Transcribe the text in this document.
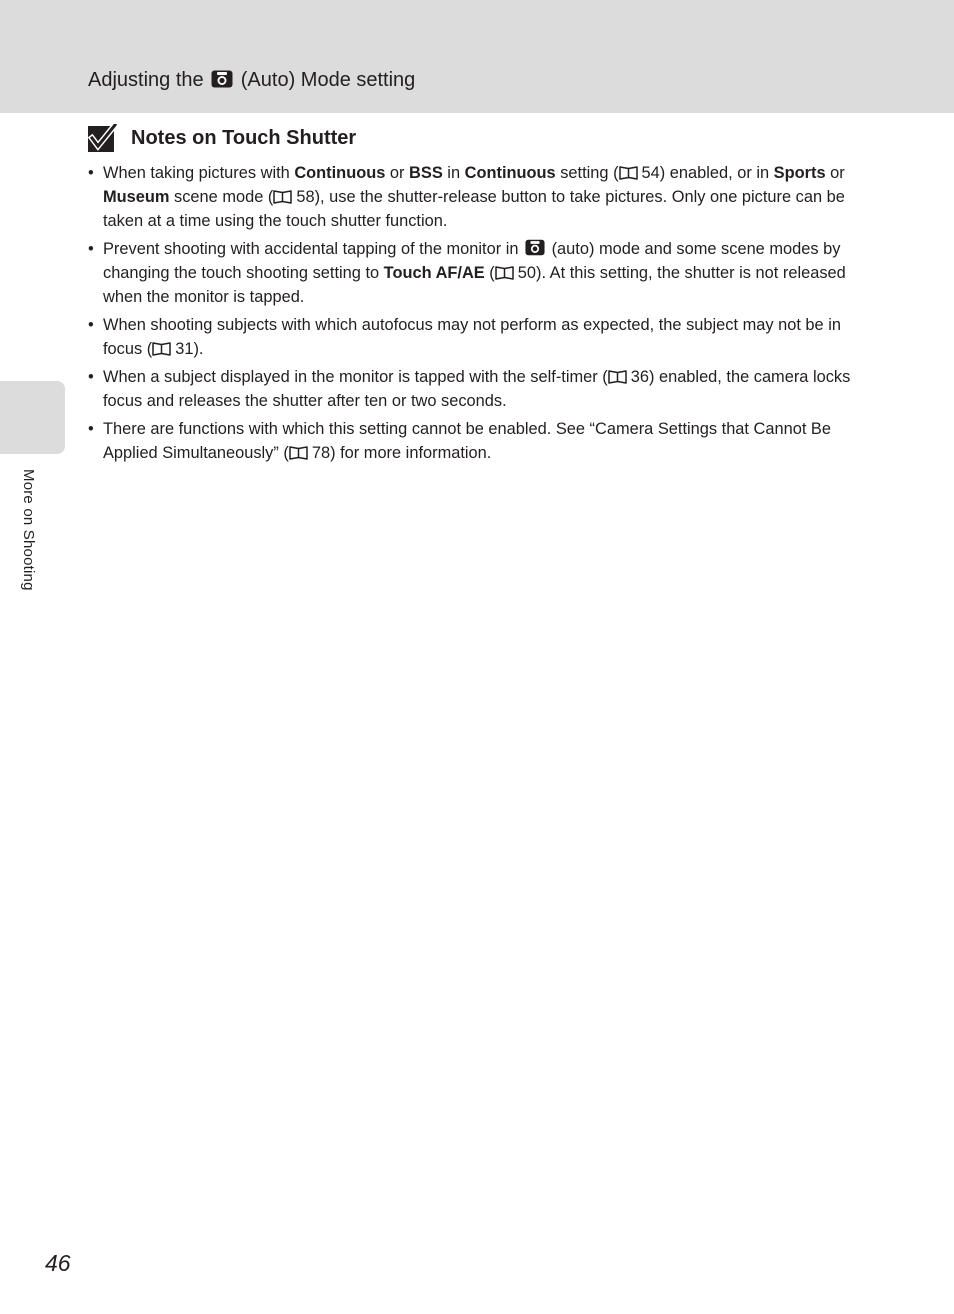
Adjusting the (Auto) Mode setting
Notes on Touch Shutter
• When taking pictures with Continuous or BSS in Continuous setting ( 54) enabled, or in Sports or Museum scene mode ( 58), use the shutter-release button to take pictures. Only one picture can be taken at a time using the touch shutter function.
• Prevent shooting with accidental tapping of the monitor in  (auto) mode and some scene modes by changing the touch shooting setting to Touch AF/AE ( 50). At this setting, the shutter is not released when the monitor is tapped.
• When shooting subjects with which autofocus may not perform as expected, the subject may not be in focus ( 31).
• When a subject displayed in the monitor is tapped with the self-timer ( 36) enabled, the camera locks focus and releases the shutter after ten or two seconds.
• There are functions with which this setting cannot be enabled. See “Camera Settings that Cannot Be Applied Simultaneously” ( 78) for more information.
More on Shooting
46
